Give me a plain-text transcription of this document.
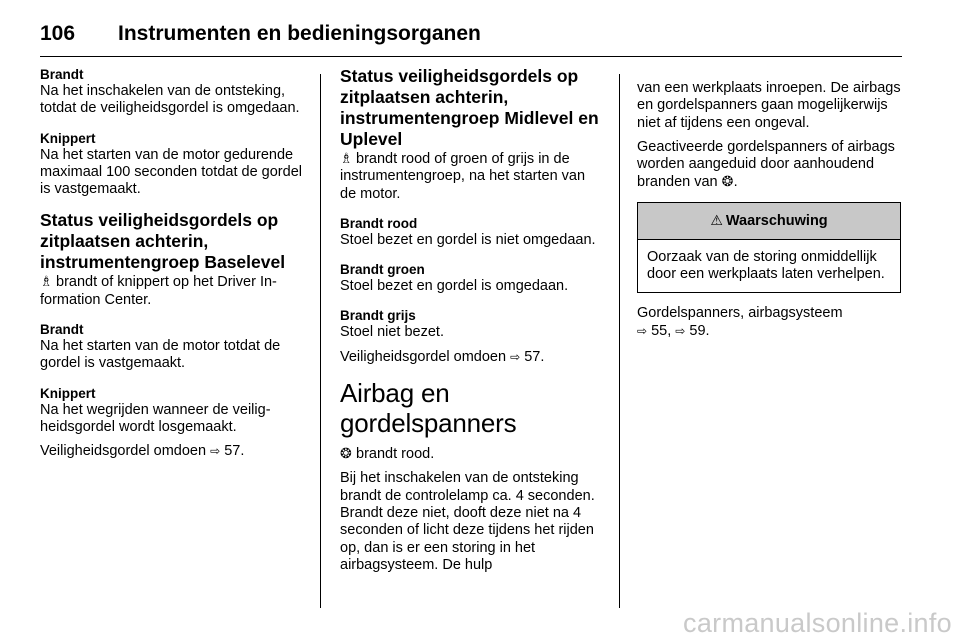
106 Instrumenten en bedieningsorganen

Brandt

Na het inschakelen van de ontsteking, totdat de veiligheidsgordel is omgedaan.

Knippert

Na het starten van de motor gedurende maximaal 100 seconden totdat de gordel is vastgemaakt.

Status veiligheidsgordels op zitplaatsen achterin, instrumentengroep Baselevel

♗ brandt of knippert op het Driver Information Center.

Brandt

Na het starten van de motor totdat de gordel is vastgemaakt.

Knippert

Na het wegrijden wanneer de veiligheidsgordel wordt losgemaakt.

Veiligheidsgordel omdoen ⇨ 57.

Status veiligheidsgordels op zitplaatsen achterin, instrumentengroep Midlevel en Uplevel

♗ brandt rood of groen of grijs in de instrumentengroep, na het starten van de motor.

Brandt rood

Stoel bezet en gordel is niet omgedaan.

Brandt groen

Stoel bezet en gordel is omgedaan.

Brandt grijs

Stoel niet bezet.

Veiligheidsgordel omdoen ⇨ 57.

Airbag en gordelspanners

❂ brandt rood.

Bij het inschakelen van de ontsteking brandt de controlelamp ca. 4 seconden. Brandt deze niet, dooft deze niet na 4 seconden of licht deze tijdens het rijden op, dan is er een storing in het airbagsysteem. De hulp

van een werkplaats inroepen. De airbags en gordelspanners gaan mogelijkerwijs niet af tijdens een ongeval.

Geactiveerde gordelspanners of airbags worden aangeduid door aanhoudend branden van ❂.

⚠ Waarschuwing

Oorzaak van de storing onmiddellijk door een werkplaats laten verhelpen.

Gordelspanners, airbagsysteem

⇨ 55, ⇨ 59.

carmanualsonline.info
